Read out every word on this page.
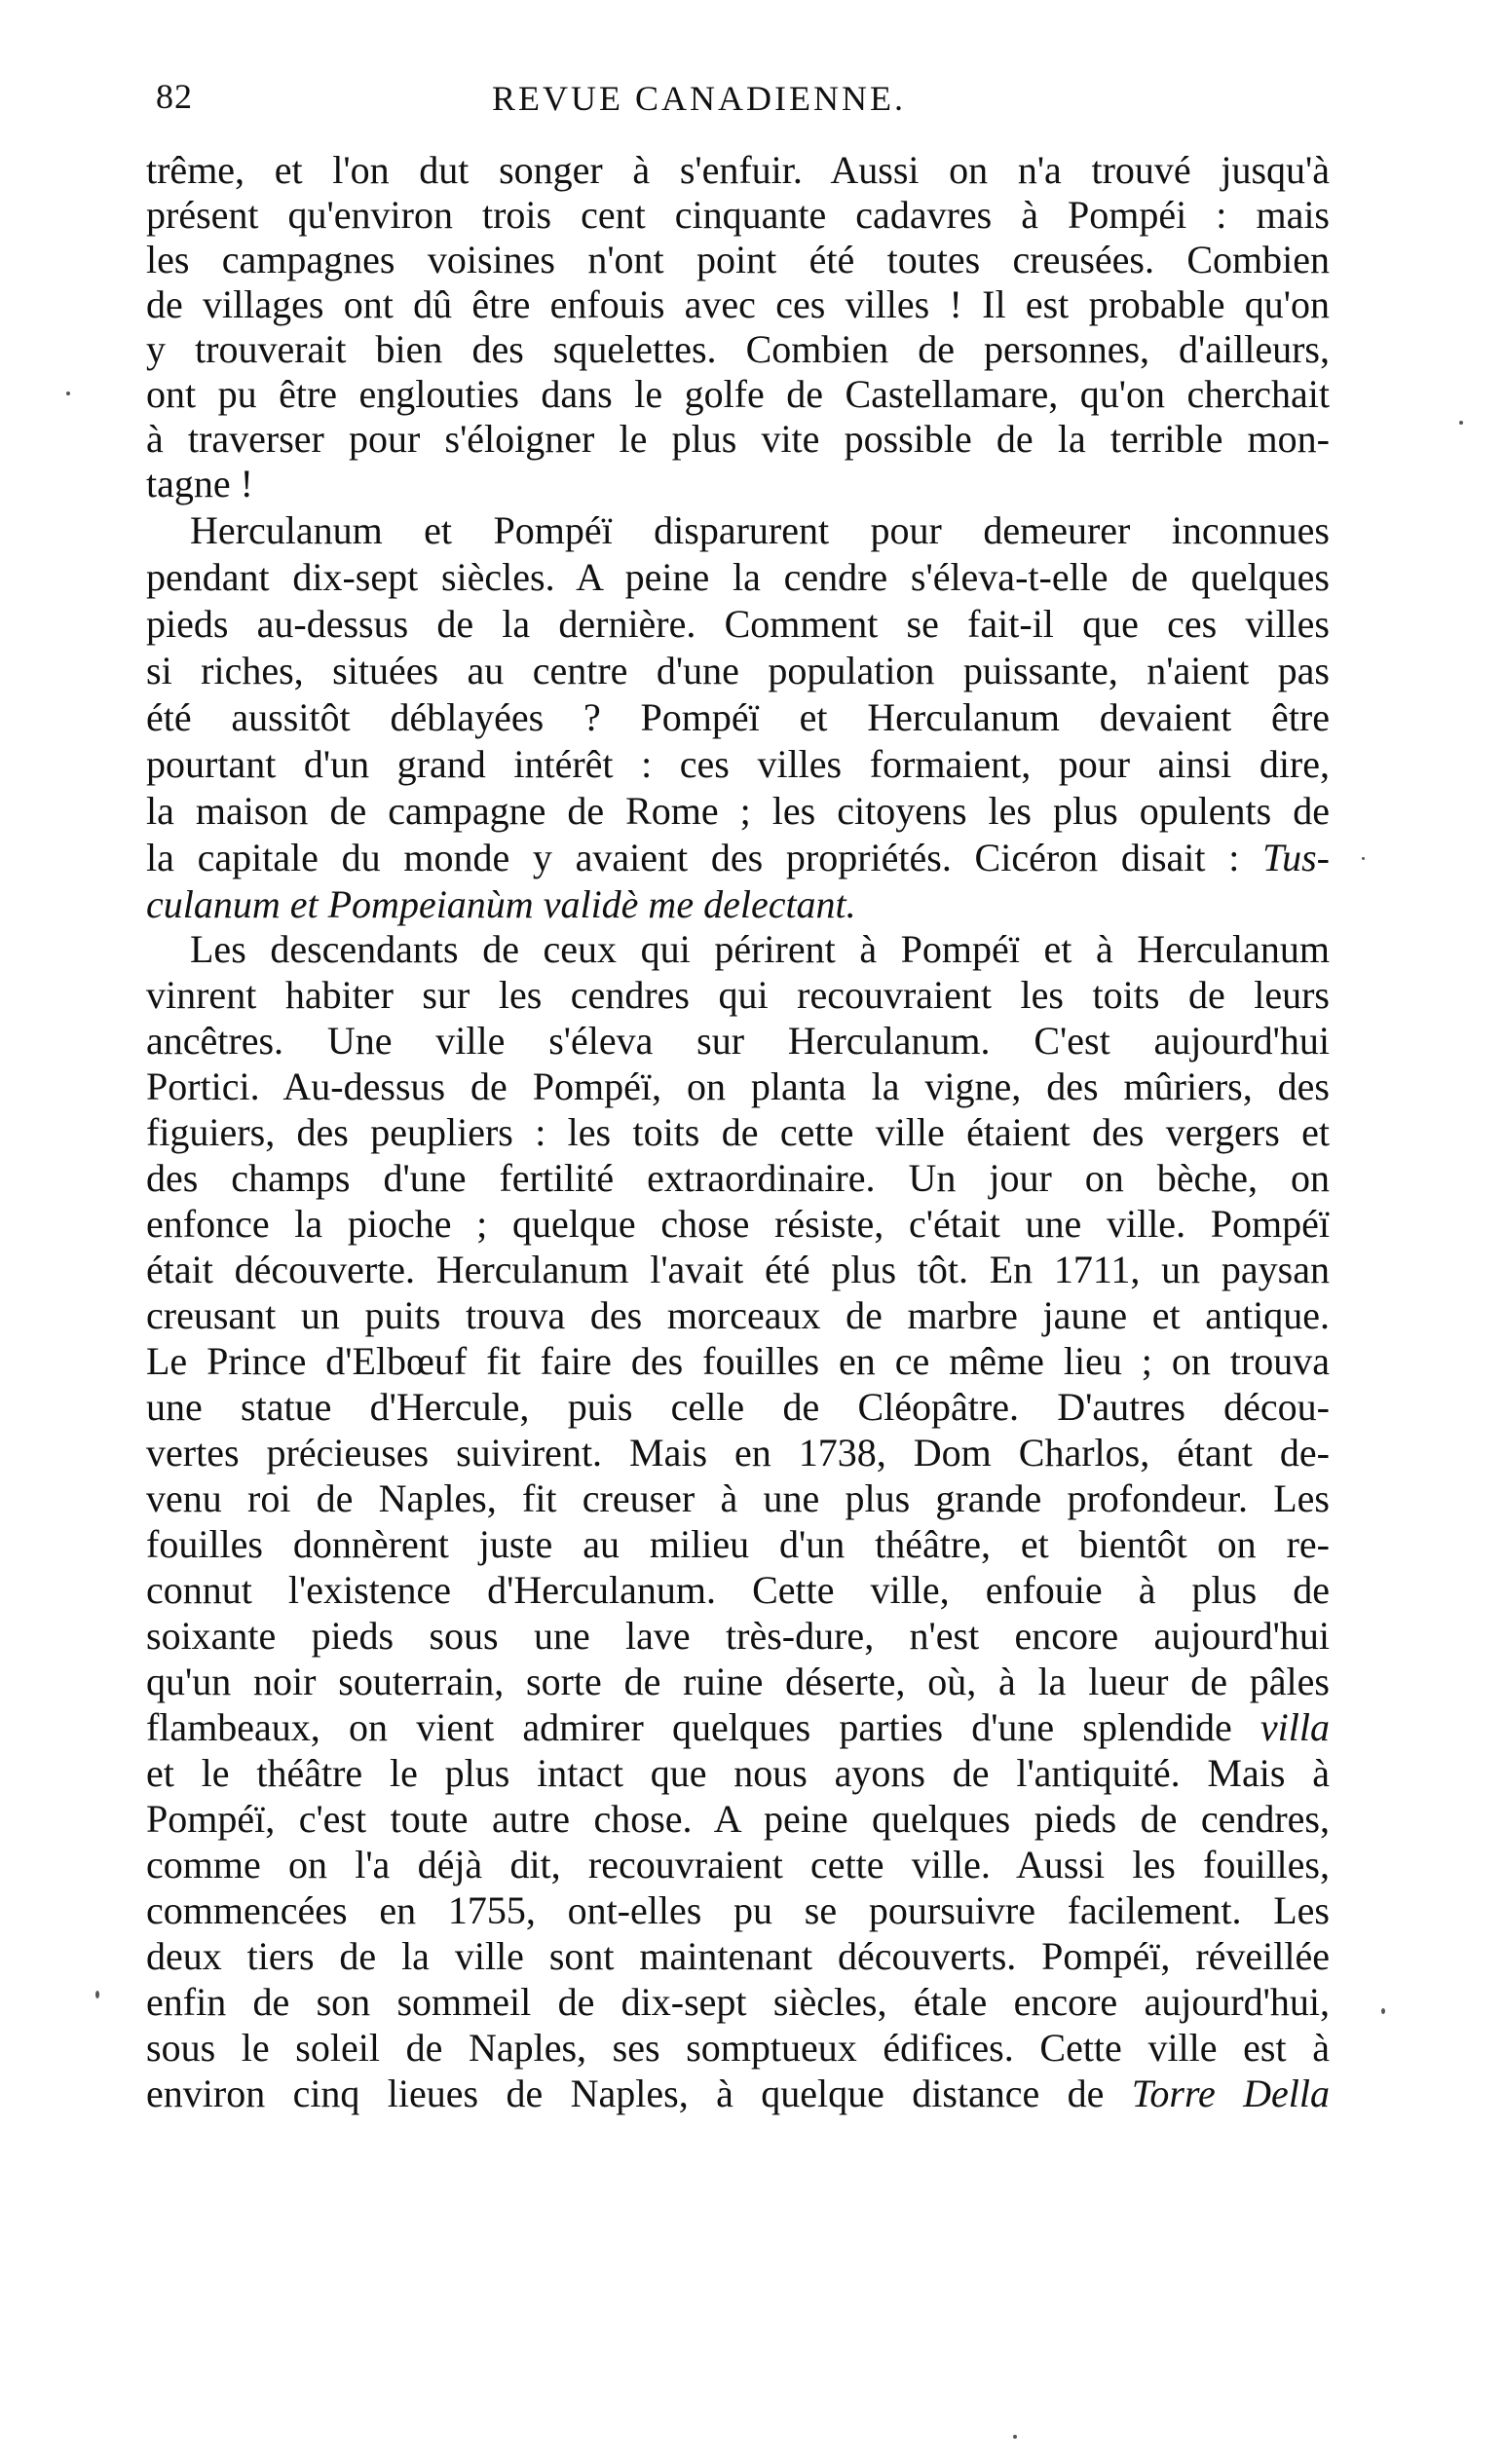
82	REVUE CANADIENNE.
trême, et l'on dut songer à s'enfuir. Aussi on n'a trouvé jusqu'à
présent qu'environ trois cent cinquante cadavres à Pompéi : mais
les campagnes voisines n'ont point été toutes creusées. Combien
de villages ont dû être enfouis avec ces villes ! Il est probable qu'on
y trouverait bien des squelettes. Combien de personnes, d'ailleurs,
ont pu être englouties dans le golfe de Castellamare, qu'on cherchait
à traverser pour s'éloigner le plus vite possible de la terrible mon-
tagne !
Herculanum et Pompéï disparurent pour demeurer inconnues
pendant dix-sept siècles. A peine la cendre s'éleva-t-elle de quelques
pieds au-dessus de la dernière. Comment se fait-il que ces villes
si riches, situées au centre d'une population puissante, n'aient pas
été aussitôt déblayées ? Pompéï et Herculanum devaient être
pourtant d'un grand intérêt : ces villes formaient, pour ainsi dire,
la maison de campagne de Rome ; les citoyens les plus opulents de
la capitale du monde y avaient des propriétés. Cicéron disait : Tus-
culanum et Pompeianùm validè me delectant.
Les descendants de ceux qui périrent à Pompéï et à Herculanum
vinrent habiter sur les cendres qui recouvraient les toits de leurs
ancêtres. Une ville s'éleva sur Herculanum. C'est aujourd'hui
Portici. Au-dessus de Pompéï, on planta la vigne, des mûriers, des
figuiers, des peupliers : les toits de cette ville étaient des vergers et
des champs d'une fertilité extraordinaire. Un jour on bèche, on
enfonce la pioche ; quelque chose résiste, c'était une ville. Pompéï
était découverte. Herculanum l'avait été plus tôt. En 1711, un paysan
creusant un puits trouva des morceaux de marbre jaune et antique.
Le Prince d'Elbœuf fit faire des fouilles en ce même lieu ; on trouva
une statue d'Hercule, puis celle de Cléopâtre. D'autres décou-
vertes précieuses suivirent. Mais en 1738, Dom Charlos, étant de-
venu roi de Naples, fit creuser à une plus grande profondeur. Les
fouilles donnèrent juste au milieu d'un théâtre, et bientôt on re-
connut l'existence d'Herculanum. Cette ville, enfouie à plus de
soixante pieds sous une lave très-dure, n'est encore aujourd'hui
qu'un noir souterrain, sorte de ruine déserte, où, à la lueur de pâles
flambeaux, on vient admirer quelques parties d'une splendide villa
et le théâtre le plus intact que nous ayons de l'antiquité. Mais à
Pompéï, c'est toute autre chose. A peine quelques pieds de cendres,
comme on l'a déjà dit, recouvraient cette ville. Aussi les fouilles,
commencées en 1755, ont-elles pu se poursuivre facilement. Les
deux tiers de la ville sont maintenant découverts. Pompéï, réveillée
enfin de son sommeil de dix-sept siècles, étale encore aujourd'hui,
sous le soleil de Naples, ses somptueux édifices. Cette ville est à
environ cinq lieues de Naples, à quelque distance de Torre Della
